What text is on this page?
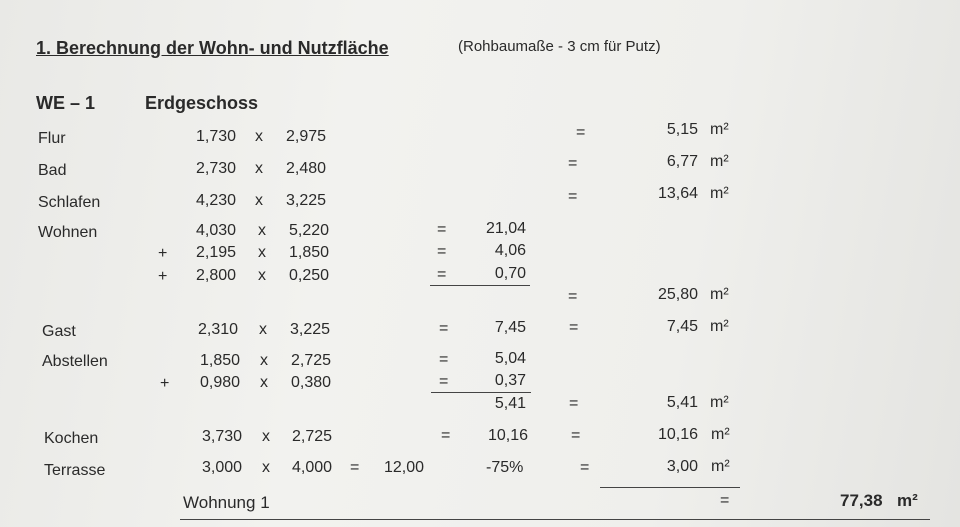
1. Berechnung der Wohn- und Nutzfläche	(Rohbaumaße - 3 cm für Putz)
WE – 1	Erdgeschoss
Flur	1,730 x 2,975	=	5,15 m²
Bad	2,730 x 2,480	=	6,77 m²
Schlafen	4,230 x 3,225	=	13,64 m²
Wohnen	4,030 x 5,220	=	21,04
+ 2,195 x 1,850	=	4,06
+ 2,800 x 0,250	=	0,70
=	25,80 m²
Gast	2,310 x 3,225	=	7,45	=	7,45 m²
Abstellen	1,850 x 2,725	=	5,04
+ 0,980 x 0,380	=	0,37
5,41	=	5,41 m²
Kochen	3,730 x 2,725	=	10,16	=	10,16 m²
Terrasse	3,000 x 4,000 = 12,00	-75%	=	3,00 m²
Wohnung 1	=	77,38 m²
